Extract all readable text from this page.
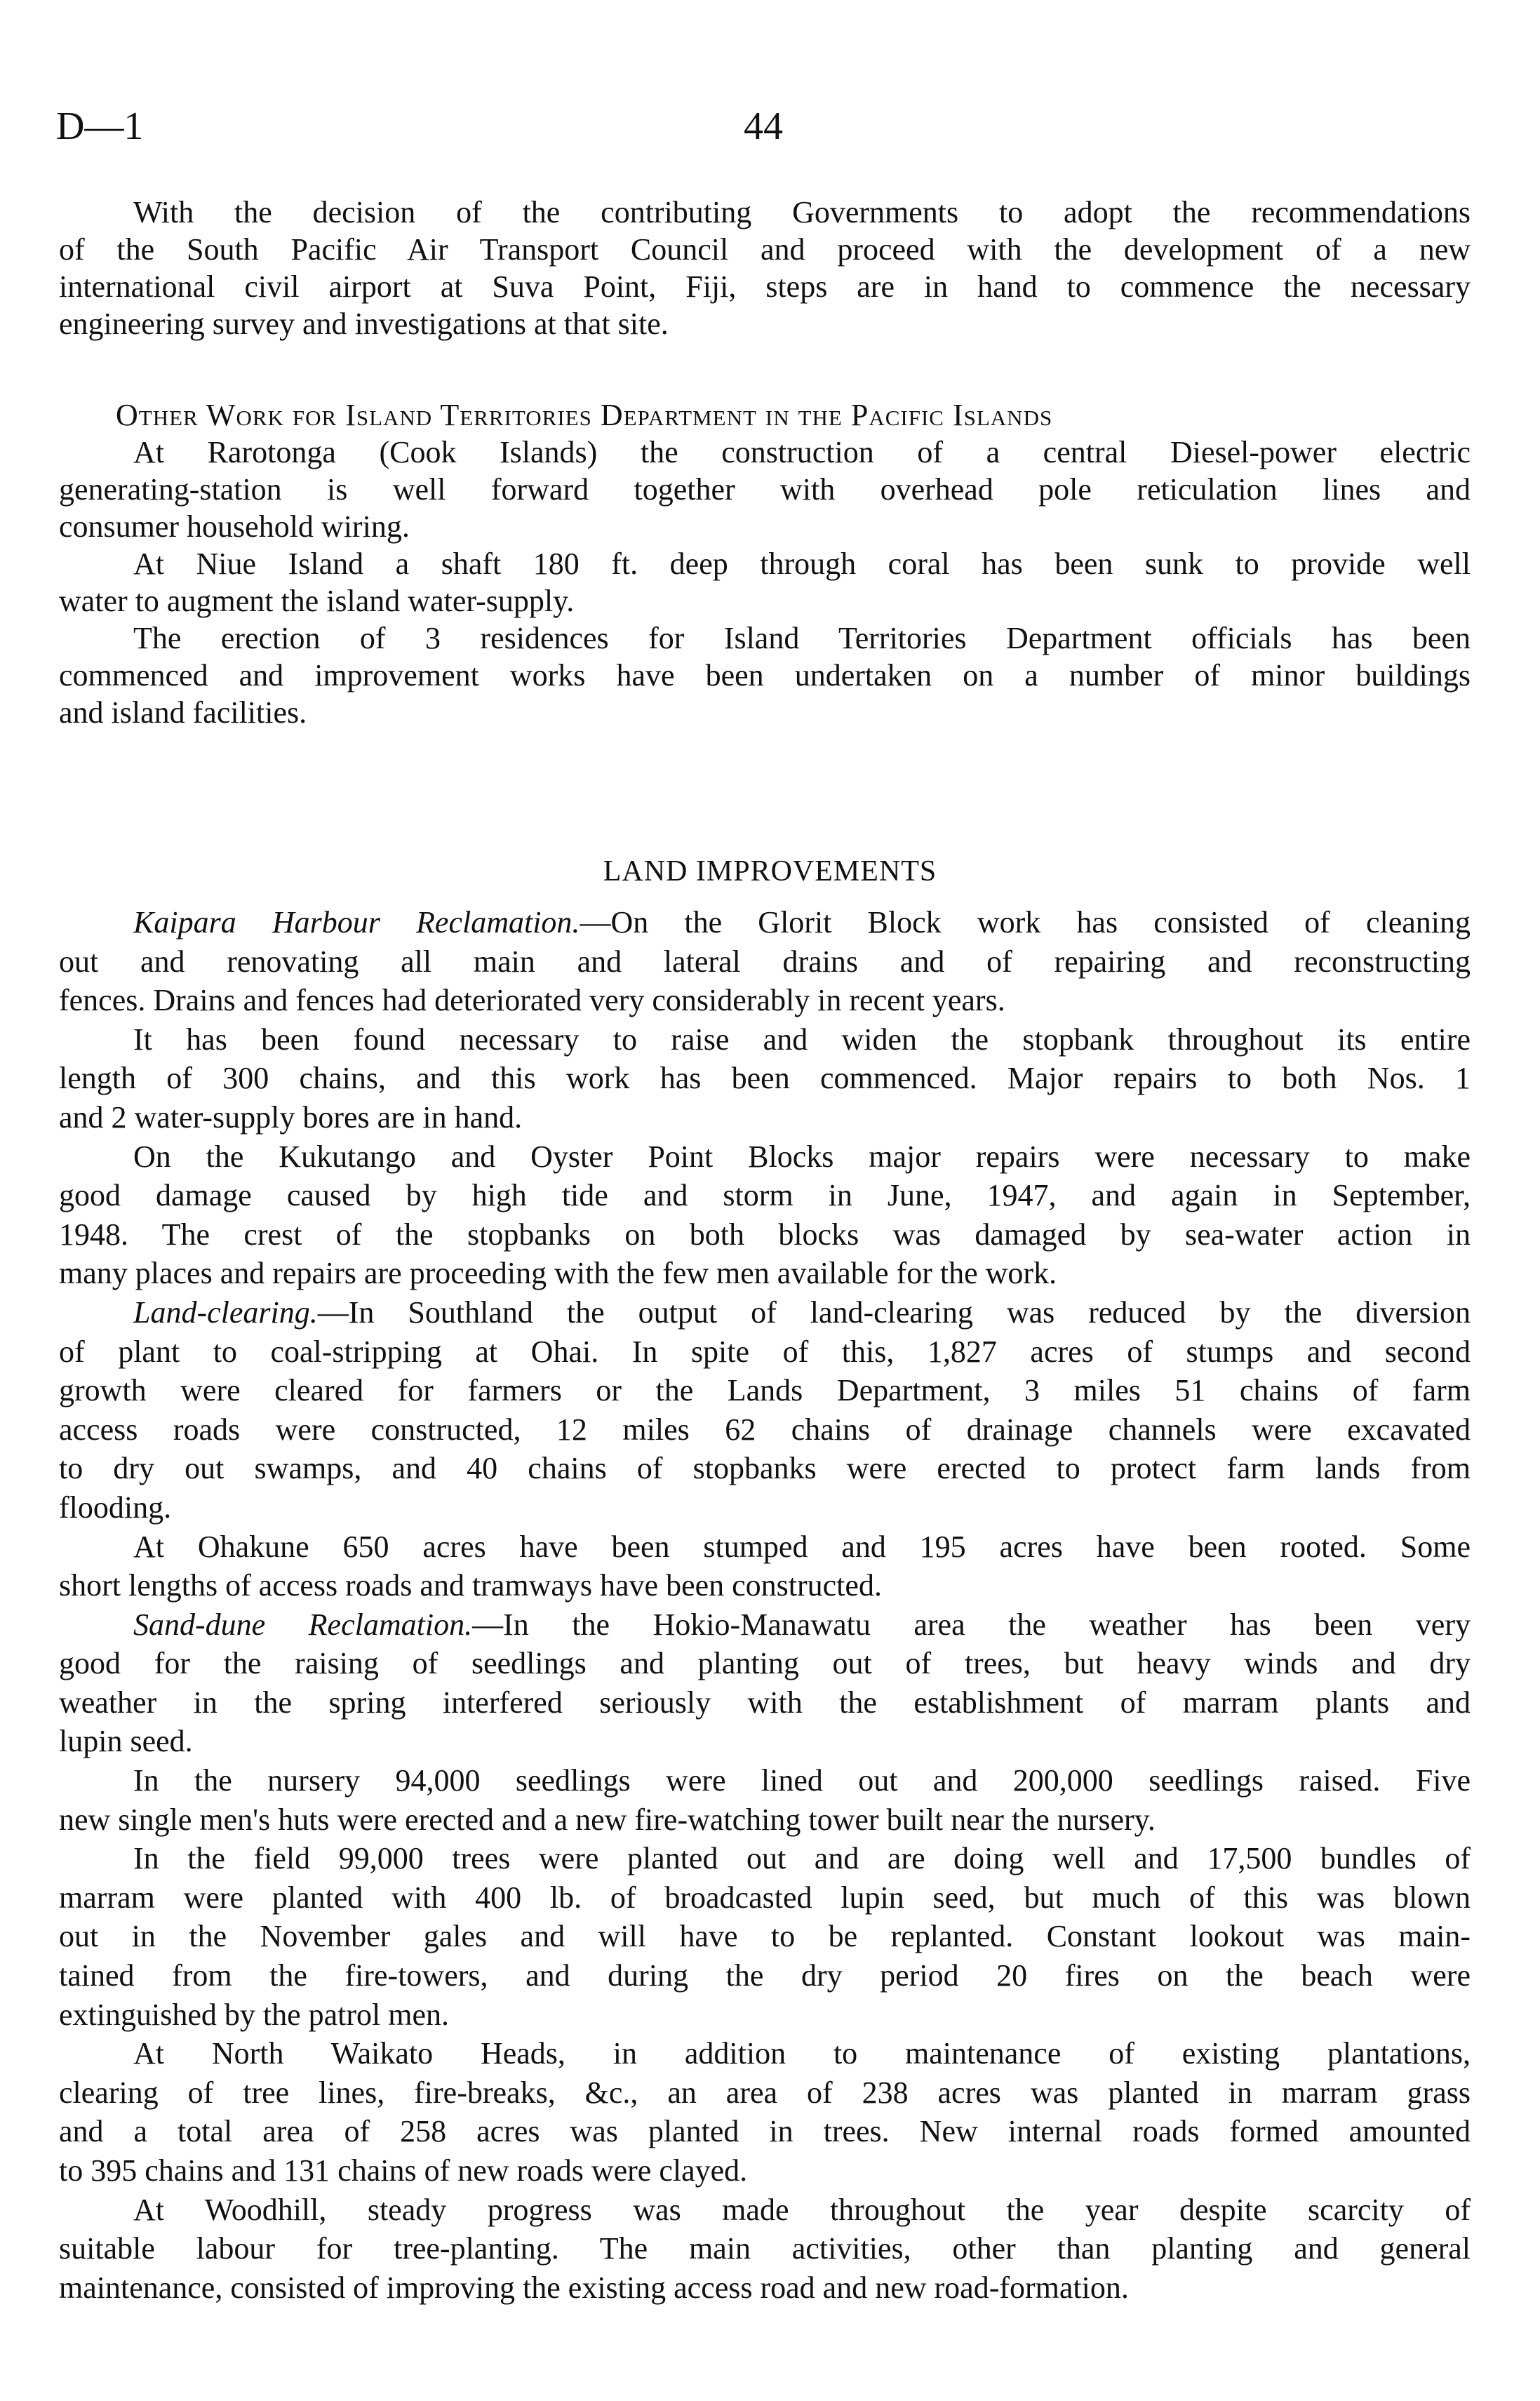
D—1	44
With the decision of the contributing Governments to adopt the recommendations
of the South Pacific Air Transport Council and proceed with the development of a new
international civil airport at Suva Point, Fiji, steps are in hand to commence the necessary
engineering survey and investigations at that site.
Other Work for Island Territories Department in the Pacific Islands
At Rarotonga (Cook Islands) the construction of a central Diesel-power electric
generating-station is well forward together with overhead pole reticulation lines and
consumer household wiring.
At Niue Island a shaft 180 ft. deep through coral has been sunk to provide well
water to augment the island water-supply.
The erection of 3 residences for Island Territories Department officials has been
commenced and improvement works have been undertaken on a number of minor buildings
and island facilities.
LAND IMPROVEMENTS
Kaipara Harbour Reclamation.—On the Glorit Block work has consisted of cleaning
out and renovating all main and lateral drains and of repairing and reconstructing
fences. Drains and fences had deteriorated very considerably in recent years.
It has been found necessary to raise and widen the stopbank throughout its entire
length of 300 chains, and this work has been commenced. Major repairs to both Nos. 1
and 2 water-supply bores are in hand.
On the Kukutango and Oyster Point Blocks major repairs were necessary to make
good damage caused by high tide and storm in June, 1947, and again in September,
1948. The crest of the stopbanks on both blocks was damaged by sea-water action in
many places and repairs are proceeding with the few men available for the work.
Land-clearing.—In Southland the output of land-clearing was reduced by the diversion
of plant to coal-stripping at Ohai. In spite of this, 1,827 acres of stumps and second
growth were cleared for farmers or the Lands Department, 3 miles 51 chains of farm
access roads were constructed, 12 miles 62 chains of drainage channels were excavated
to dry out swamps, and 40 chains of stopbanks were erected to protect farm lands from
flooding.
At Ohakune 650 acres have been stumped and 195 acres have been rooted. Some
short lengths of access roads and tramways have been constructed.
Sand-dune Reclamation.—In the Hokio-Manawatu area the weather has been very
good for the raising of seedlings and planting out of trees, but heavy winds and dry
weather in the spring interfered seriously with the establishment of marram plants and
lupin seed.
In the nursery 94,000 seedlings were lined out and 200,000 seedlings raised. Five
new single men's huts were erected and a new fire-watching tower built near the nursery.
In the field 99,000 trees were planted out and are doing well and 17,500 bundles of
marram were planted with 400 lb. of broadcasted lupin seed, but much of this was blown
out in the November gales and will have to be replanted. Constant lookout was main-
tained from the fire-towers, and during the dry period 20 fires on the beach were
extinguished by the patrol men.
At North Waikato Heads, in addition to maintenance of existing plantations,
clearing of tree lines, fire-breaks, &c., an area of 238 acres was planted in marram grass
and a total area of 258 acres was planted in trees. New internal roads formed amounted
to 395 chains and 131 chains of new roads were clayed.
At Woodhill, steady progress was made throughout the year despite scarcity of
suitable labour for tree-planting. The main activities, other than planting and general
maintenance, consisted of improving the existing access road and new road-formation.
